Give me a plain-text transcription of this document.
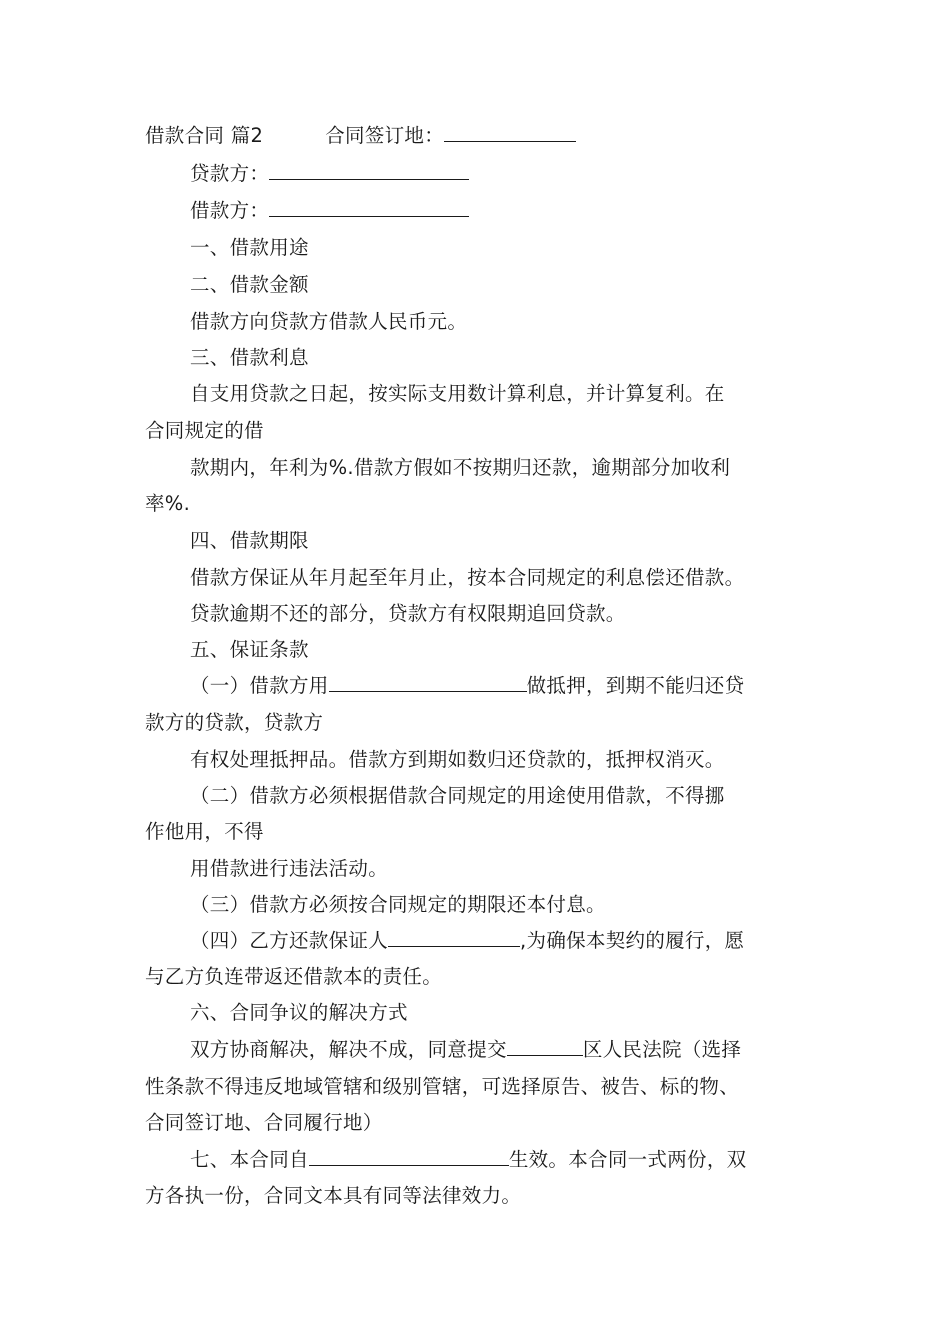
借款合同 篇2	合同签订地：
贷款方：
借款方：
一、借款用途
二、借款金额
借款方向贷款方借款人民币元。
三、借款利息
自支用贷款之日起，按实际支用数计算利息，并计算复利。在
合同规定的借
款期内，年利为%.借款方假如不按期归还款，逾期部分加收利
率%.
四、借款期限
借款方保证从年月起至年月止，按本合同规定的利息偿还借款。
贷款逾期不还的部分，贷款方有权限期追回贷款。
五、保证条款
（一）借款方用	做抵押，到期不能归还贷
款方的贷款，贷款方
有权处理抵押品。借款方到期如数归还贷款的，抵押权消灭。
（二）借款方必须根据借款合同规定的用途使用借款，不得挪
作他用，不得
用借款进行违法活动。
（三）借款方必须按合同规定的期限还本付息。
（四）乙方还款保证人	,为确保本契约的履行，愿
与乙方负连带返还借款本的责任。
六、合同争议的解决方式
双方协商解决，解决不成，同意提交	区人民法院（选择
性条款不得违反地域管辖和级别管辖，可选择原告、被告、标的物、
合同签订地、合同履行地）
七、本合同自	生效。本合同一式两份，双
方各执一份，合同文本具有同等法律效力。
